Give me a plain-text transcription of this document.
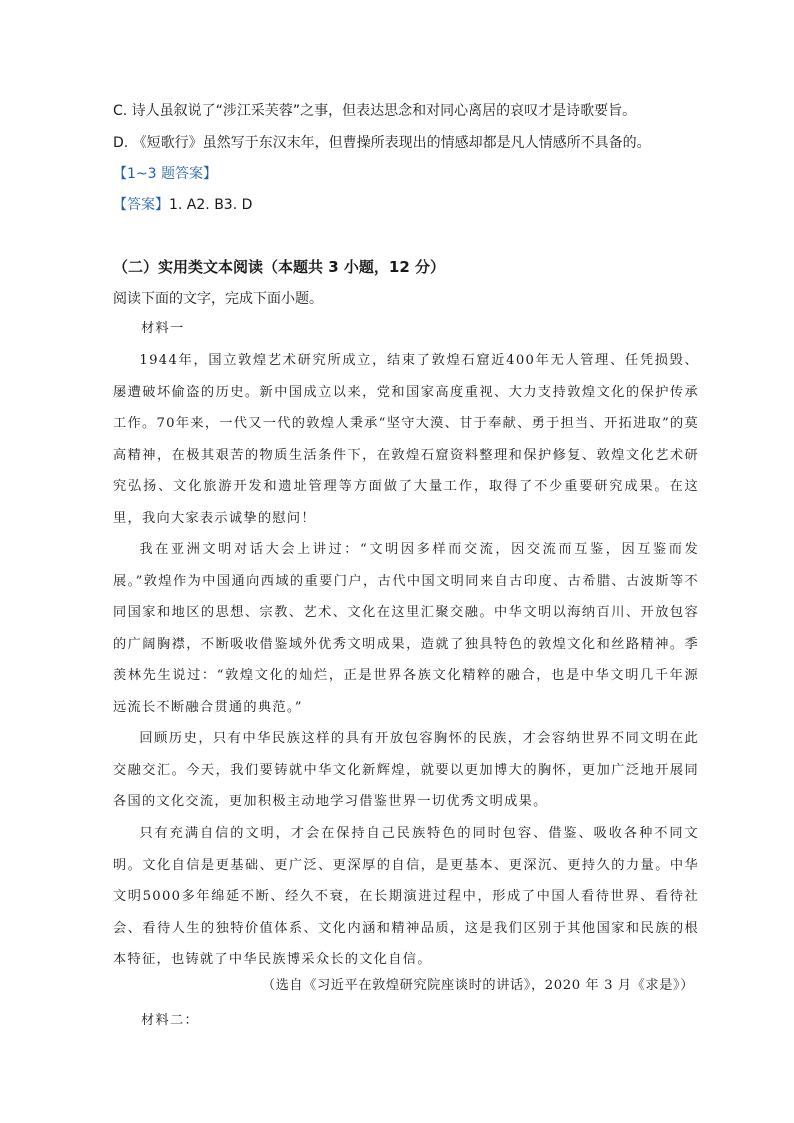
C. 诗人虽叙说了“涉江采芙蓉”之事，但表达思念和对同心离居的哀叹才是诗歌要旨。
D. 《短歌行》虽然写于东汉末年，但曹操所表现出的情感却都是凡人情感所不具备的。
【1~3 题答案】
【答案】1. A2. B3. D
（二）实用类文本阅读（本题共 3 小题，12 分）
阅读下面的文字，完成下面小题。
材料一

1944年，国立敦煌艺术研究所成立，结束了敦煌石窟近400年无人管理、任凭损毁、屡遭破坏偷盗的历史。新中国成立以来，党和国家高度重视、大力支持敦煌文化的保护传承工作。70年来，一代又一代的敦煌人秉承“坚守大漠、甘于奉献、勇于担当、开拓进取”的莫高精神，在极其艰苦的物质生活条件下，在敦煌石窟资料整理和保护修复、敦煌文化艺术研究弘扬、文化旅游开发和遗址管理等方面做了大量工作，取得了不少重要研究成果。在这里，我向大家表示诚挚的慰问！

我在亚洲文明对话大会上讲过：“文明因多样而交流，因交流而互鉴，因互鉴而发展。”敦煌作为中国通向西域的重要门户，古代中国文明同来自古印度、古希腊、古波斯等不同国家和地区的思想、宗教、艺术、文化在这里汇聚交融。中华文明以海纳百川、开放包容的广阔胸襟，不断吸收借鉴域外优秀文明成果，造就了独具特色的敦煌文化和丝路精神。季羡林先生说过：“敦煌文化的灿烂，正是世界各族文化精粹的融合，也是中华文明几千年源远流长不断融合贯通的典范。”

回顾历史，只有中华民族这样的具有开放包容胸怀的民族，才会容纳世界不同文明在此交融交汇。今天，我们要铸就中华文化新辉煌，就要以更加博大的胸怀，更加广泛地开展同各国的文化交流，更加积极主动地学习借鉴世界一切优秀文明成果。

只有充满自信的文明，才会在保持自己民族特色的同时包容、借鉴、吸收各种不同文明。文化自信是更基础、更广泛、更深厚的自信，是更基本、更深沉、更持久的力量。中华文明5000多年绵延不断、经久不衰，在长期演进过程中，形成了中国人看待世界、看待社会、看待人生的独特价值体系、文化内涵和精神品质，这是我们区别于其他国家和民族的根本特征，也铸就了中华民族博采众长的文化自信。

（选自《习近平在敦煌研究院座谈时的讲话》，2020 年 3 月《求是》）
材料二：
